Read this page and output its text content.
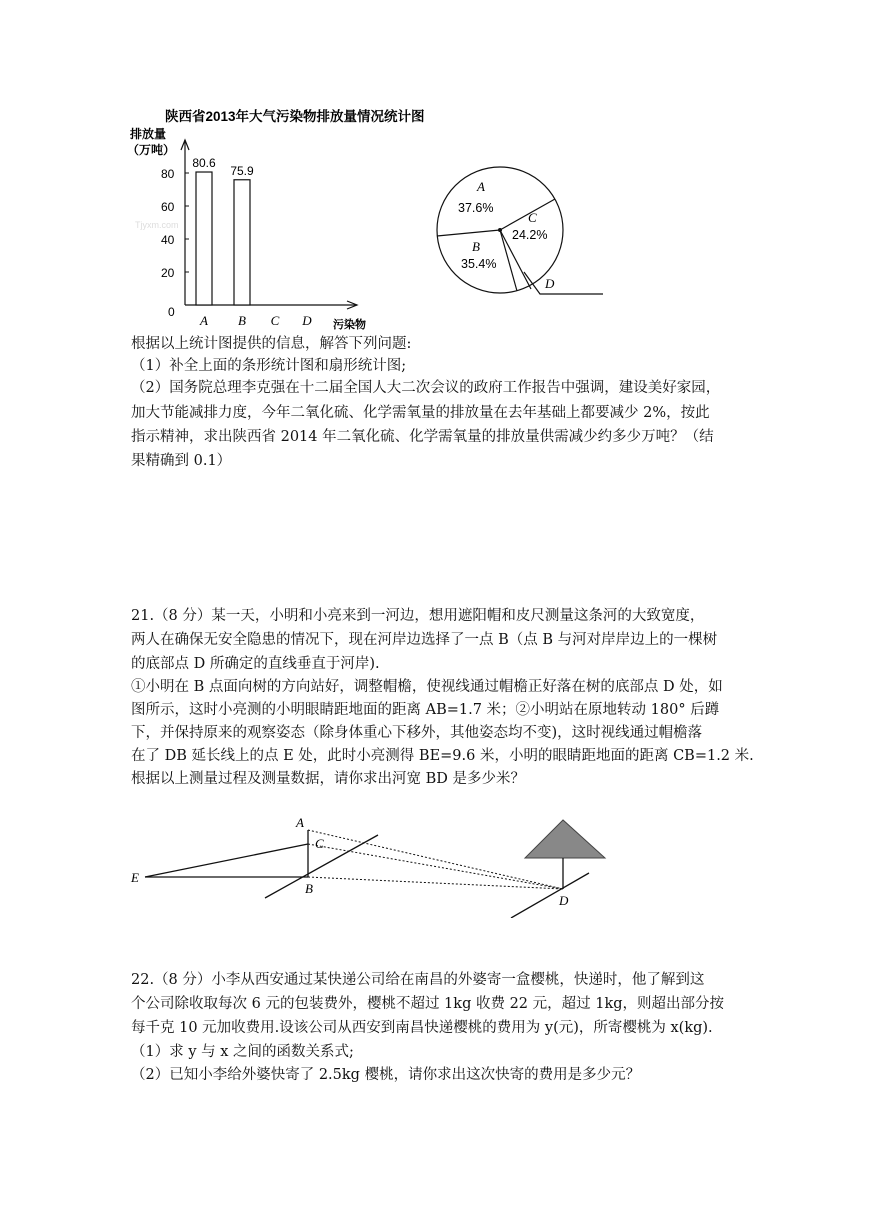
陕西省2013年大气污染物排放量情况统计图
排放量
（万吨）
Tjyxm.com
0
污染物
80
60
40
20
80.6
A
75.9
B C D
A
37.6%
B
35.4%
C
24.2%
D
根据以上统计图提供的信息，解答下列问题:
（1）补全上面的条形统计图和扇形统计图;
（2）国务院总理李克强在十二届全国人大二次会议的政府工作报告中强调，建设美好家园，
加大节能减排力度，今年二氧化硫、化学需氧量的排放量在去年基础上都要减少 2%，按此
指示精神，求出陕西省 2014 年二氧化硫、化学需氧量的排放量供需减少约多少万吨？（结
果精确到 0.1）
21.（8 分）某一天，小明和小亮来到一河边，想用遮阳帽和皮尺测量这条河的大致宽度，
两人在确保无安全隐患的情况下，现在河岸边选择了一点 B（点 B 与河对岸岸边上的一棵树
的底部点 D 所确定的直线垂直于河岸).
①小明在 B 点面向树的方向站好，调整帽檐，使视线通过帽檐正好落在树的底部点 D 处，如
图所示，这时小亮测的小明眼睛距地面的距离 AB=1.7 米；②小明站在原地转动 180° 后蹲
下，并保持原来的观察姿态（除身体重心下移外，其他姿态均不变)，这时视线通过帽檐落
在了 DB 延长线上的点 E 处，此时小亮测得 BE=9.6 米，小明的眼睛距地面的距离 CB=1.2 米.
根据以上测量过程及测量数据，请你求出河宽 BD 是多少米？
A
C
B
D
E
22.（8 分）小李从西安通过某快递公司给在南昌的外婆寄一盒樱桃，快递时，他了解到这
个公司除收取每次 6 元的包装费外，樱桃不超过 1kg 收费 22 元，超过 1kg，则超出部分按
每千克 10 元加收费用.设该公司从西安到南昌快递樱桃的费用为 y(元)，所寄樱桃为 x(kg).
（1）求 y 与 x 之间的函数关系式;
（2）已知小李给外婆快寄了 2.5kg 樱桃，请你求出这次快寄的费用是多少元？
